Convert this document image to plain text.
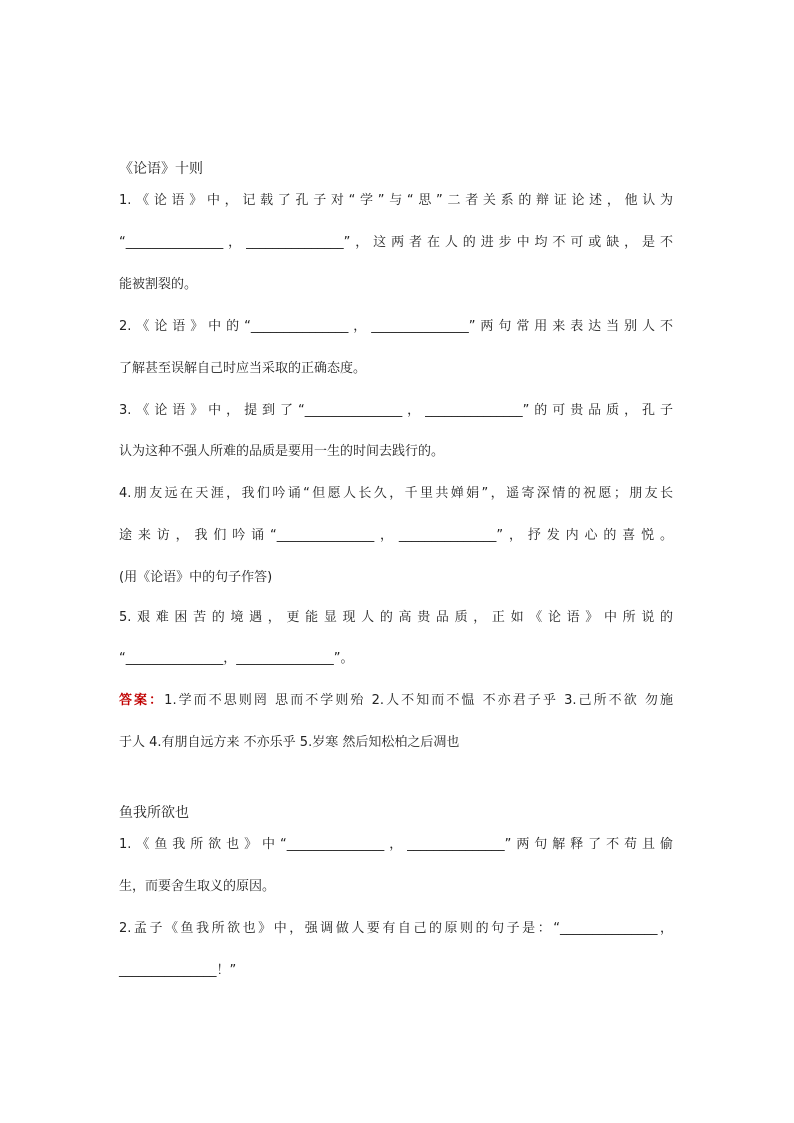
《论语》十则

1.《论语》中，记载了孔子对“学”与“思”二者关系的辩证论述，他认为

“_______________，_______________”，这两者在人的进步中均不可或缺，是不

能被割裂的。

2.《论语》中的“_______________，_______________”两句常用来表达当别人不

了解甚至误解自己时应当采取的正确态度。

3.《论语》中，提到了“_______________，_______________”的可贵品质，孔子

认为这种不强人所难的品质是要用一生的时间去践行的。

4.朋友远在天涯，我们吟诵“但愿人长久，千里共婵娟”，遥寄深情的祝愿；朋友长

途来访，我们吟诵“_______________，_______________”，抒发内心的喜悦。

(用《论语》中的句子作答)

5.艰难困苦的境遇，更能显现人的高贵品质，正如《论语》中所说的

“_______________，_______________”。

答案：1.学而不思则罔 思而不学则殆 2.人不知而不愠 不亦君子乎 3.己所不欲 勿施

于人 4.有朋自远方来 不亦乐乎 5.岁寒 然后知松柏之后凋也

鱼我所欲也

1.《鱼我所欲也》中“_______________，_______________”两句解释了不苟且偷

生，而要舍生取义的原因。

2.孟子《鱼我所欲也》中，强调做人要有自己的原则的句子是：“_______________，

_______________！”
